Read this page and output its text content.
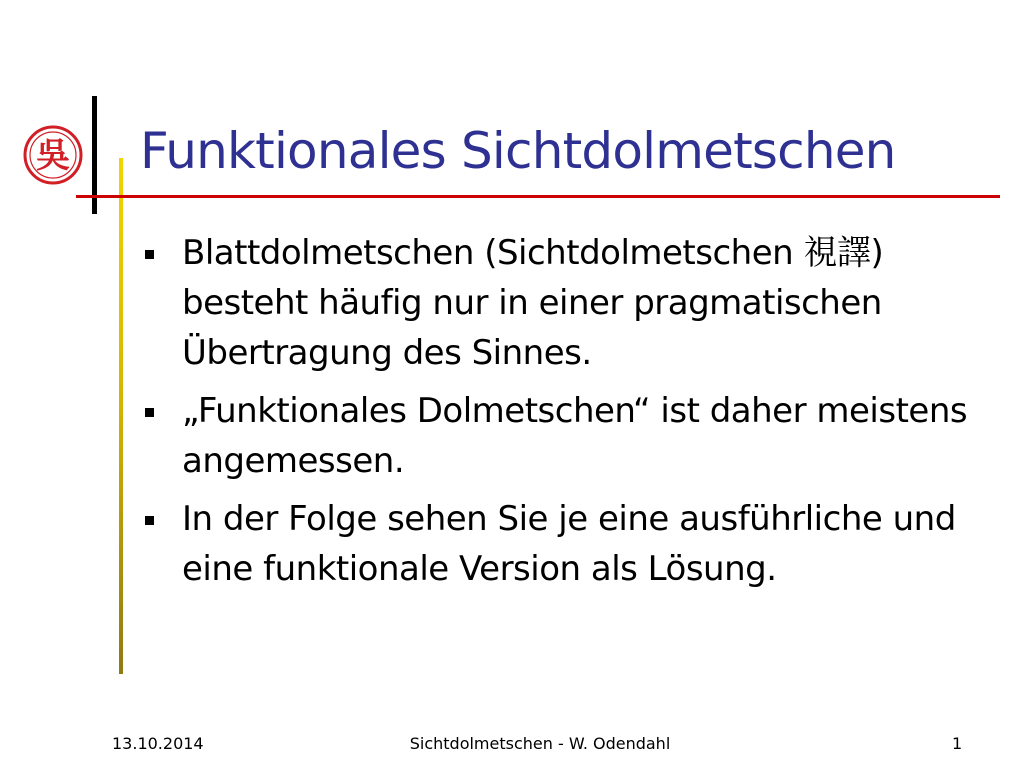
吳 Funktionales Sichtdolmetschen
Blattdolmetschen (Sichtdolmetschen 視譯) besteht häufig nur in einer pragmatischen Übertragung des Sinnes.
„Funktionales Dolmetschen“ ist daher meistens angemessen.
In der Folge sehen Sie je eine ausführliche und eine funktionale Version als Lösung.
13.10.2014	Sichtdolmetschen - W. Odendahl	1
